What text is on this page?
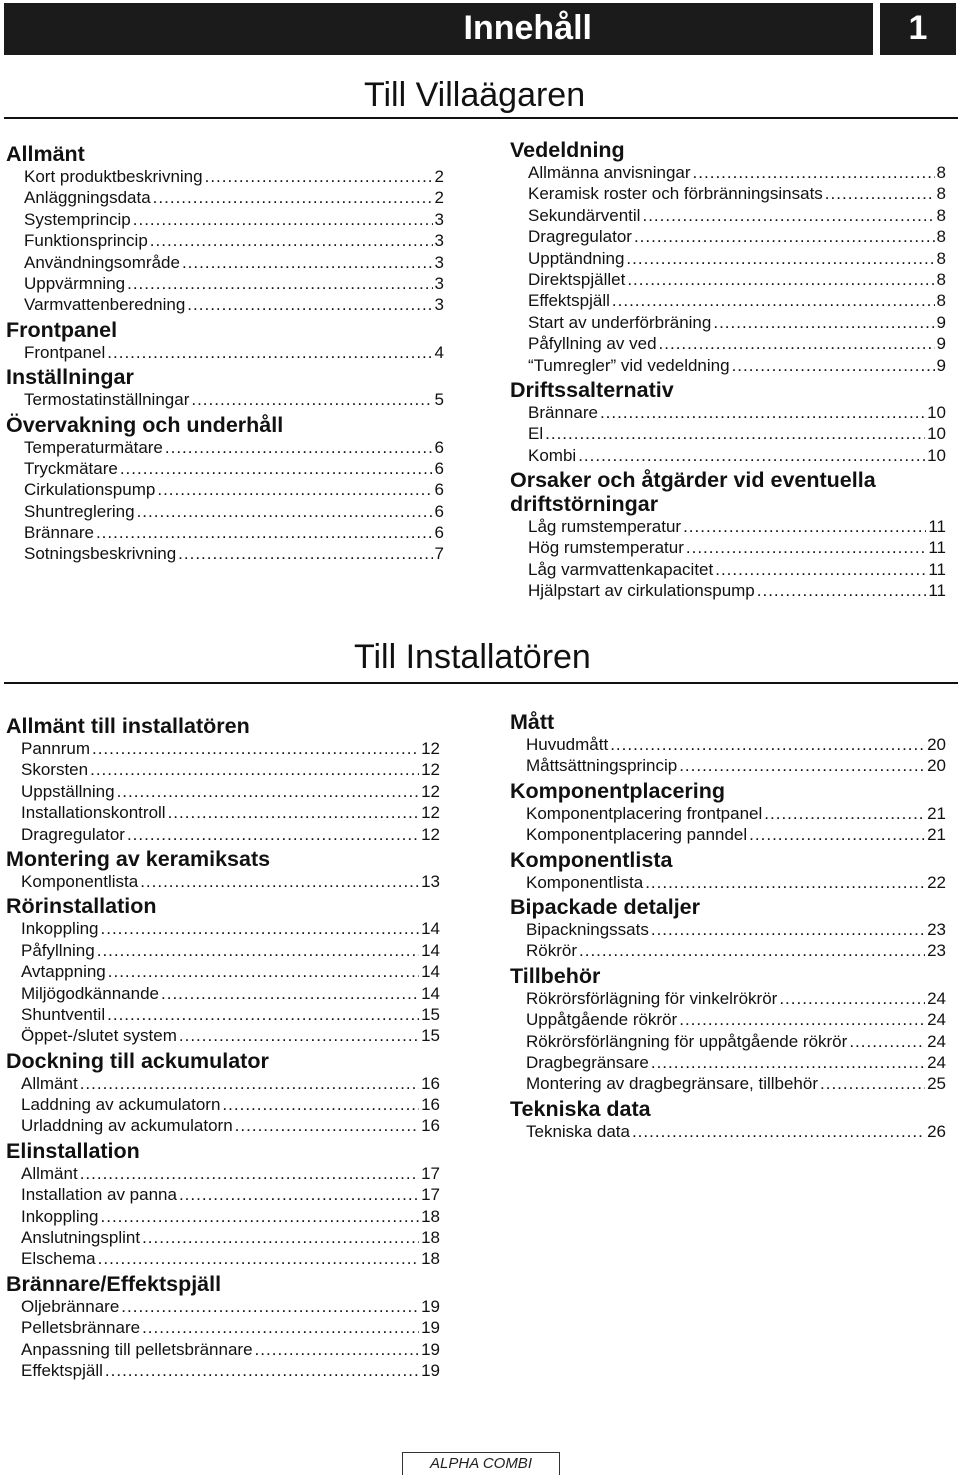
Innehåll	1
Till Villaägaren
Till Installatören
Allmänt
Kort produktbeskrivning .....	2
Anläggningsdata .....	2
Systemprincip .....	3
Funktionsprincip .....	3
Användningsområde .....	3
Uppvärmning .....	3
Varmvattenberedning .....	3
Frontpanel
Frontpanel .....	4
Inställningar
Termostatinställningar .....	5
Övervakning och underhåll
Temperaturmätare .....	6
Tryckmätare .....	6
Cirkulationspump .....	6
Shuntreglering .....	6
Brännare .....	6
Sotningsbeskrivning .....	7
Vedeldning
Allmänna anvisningar .....	8
Keramisk roster och förbränningsinsats .....	8
Sekundärventil .....	8
Dragregulator .....	8
Upptändning .....	8
Direktspjället .....	8
Effektspjäll .....	8
Start av underförbräning .....	9
Påfyllning av ved .....	9
“Tumregler” vid vedeldning .....	9
Driftssalternativ
Brännare .....	10
El .....	10
Kombi .....	10
Orsaker och åtgärder vid eventuella driftstörningar
Låg rumstemperatur .....	11
Hög rumstemperatur .....	11
Låg varmvattenkapacitet .....	11
Hjälpstart av cirkulationspump .....	11
Allmänt till installatören
Pannrum .....	12
Skorsten .....	12
Uppställning .....	12
Installationskontroll .....	12
Dragregulator .....	12
Montering av keramiksats
Komponentlista .....	13
Rörinstallation
Inkoppling .....	14
Påfyllning .....	14
Avtappning .....	14
Miljögodkännande .....	14
Shuntventil .....	15
Öppet-/slutet system .....	15
Dockning till ackumulator
Allmänt .....	16
Laddning av ackumulatorn .....	16
Urladdning av ackumulatorn .....	16
Elinstallation
Allmänt .....	17
Installation av panna .....	17
Inkoppling .....	18
Anslutningsplint .....	18
Elschema .....	18
Brännare/Effektspjäll
Oljebrännare .....	19
Pelletsbrännare .....	19
Anpassning till pelletsbrännare .....	19
Effektspjäll .....	19
Mått
Huvudmått .....	20
Måttsättningsprincip .....	20
Komponentplacering
Komponentplacering frontpanel .....	21
Komponentplacering panndel .....	21
Komponentlista
Komponentlista .....	22
Bipackade detaljer
Bipackningssats .....	23
Rökrör .....	23
Tillbehör
Rökrörsförlägning för vinkelrökrör .....	24
Uppåtgående rökrör .....	24
Rökrörsförlängning för uppåtgående rökrör .....	24
Dragbegränsare .....	24
Montering av dragbegränsare, tillbehör .....	25
Tekniska data
Tekniska data .....	26
ALPHA COMBI
